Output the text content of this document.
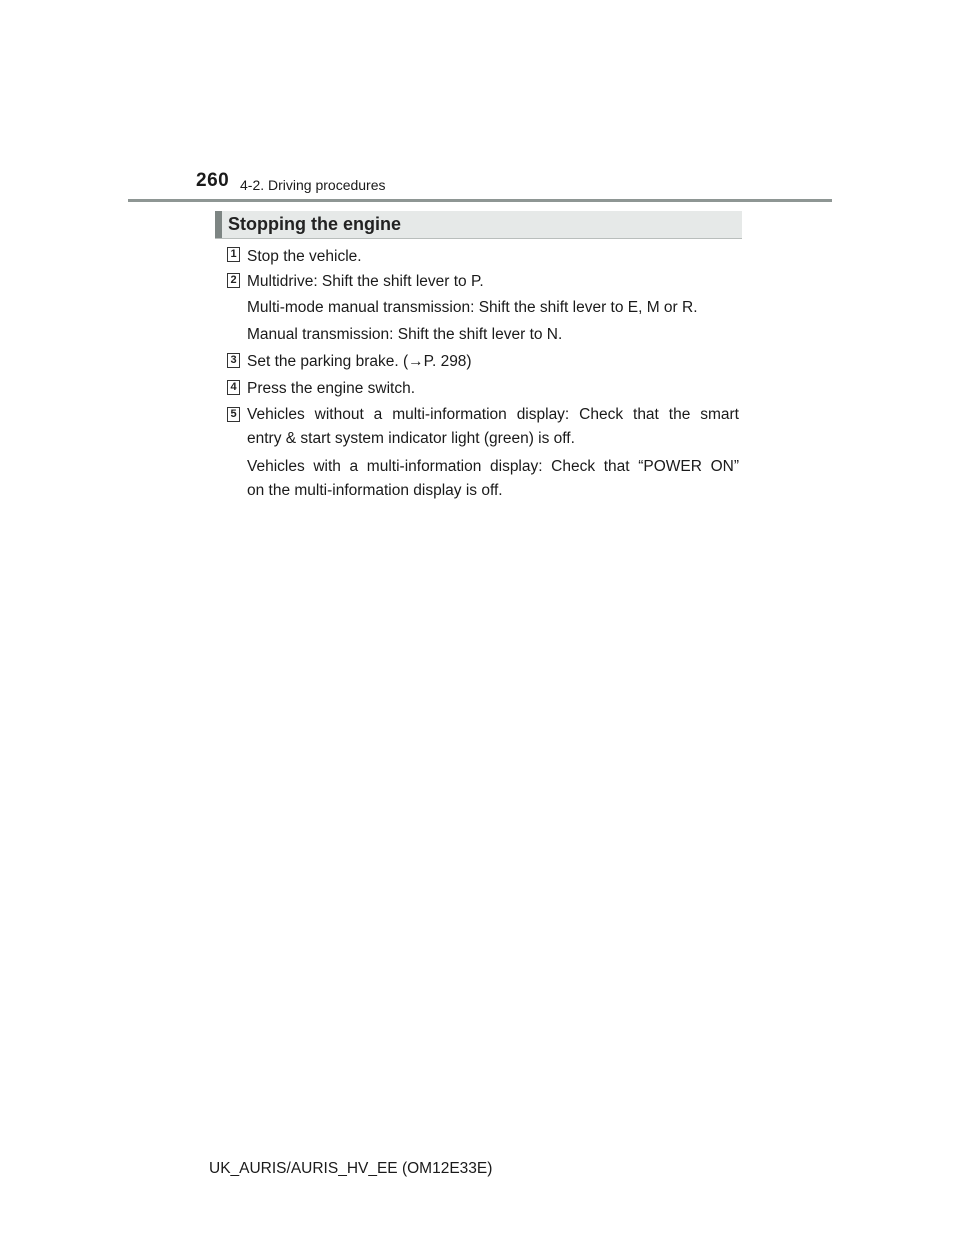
260 4-2. Driving procedures
Stopping the engine
1 Stop the vehicle.
2 Multidrive: Shift the shift lever to P.
Multi-mode manual transmission: Shift the shift lever to E, M or R.
Manual transmission: Shift the shift lever to N.
3 Set the parking brake. (→P. 298)
4 Press the engine switch.
5 Vehicles without a multi-information display: Check that the smart
entry & start system indicator light (green) is off.
Vehicles with a multi-information display: Check that “POWER ON”
on the multi-information display is off.
UK_AURIS/AURIS_HV_EE (OM12E33E)
